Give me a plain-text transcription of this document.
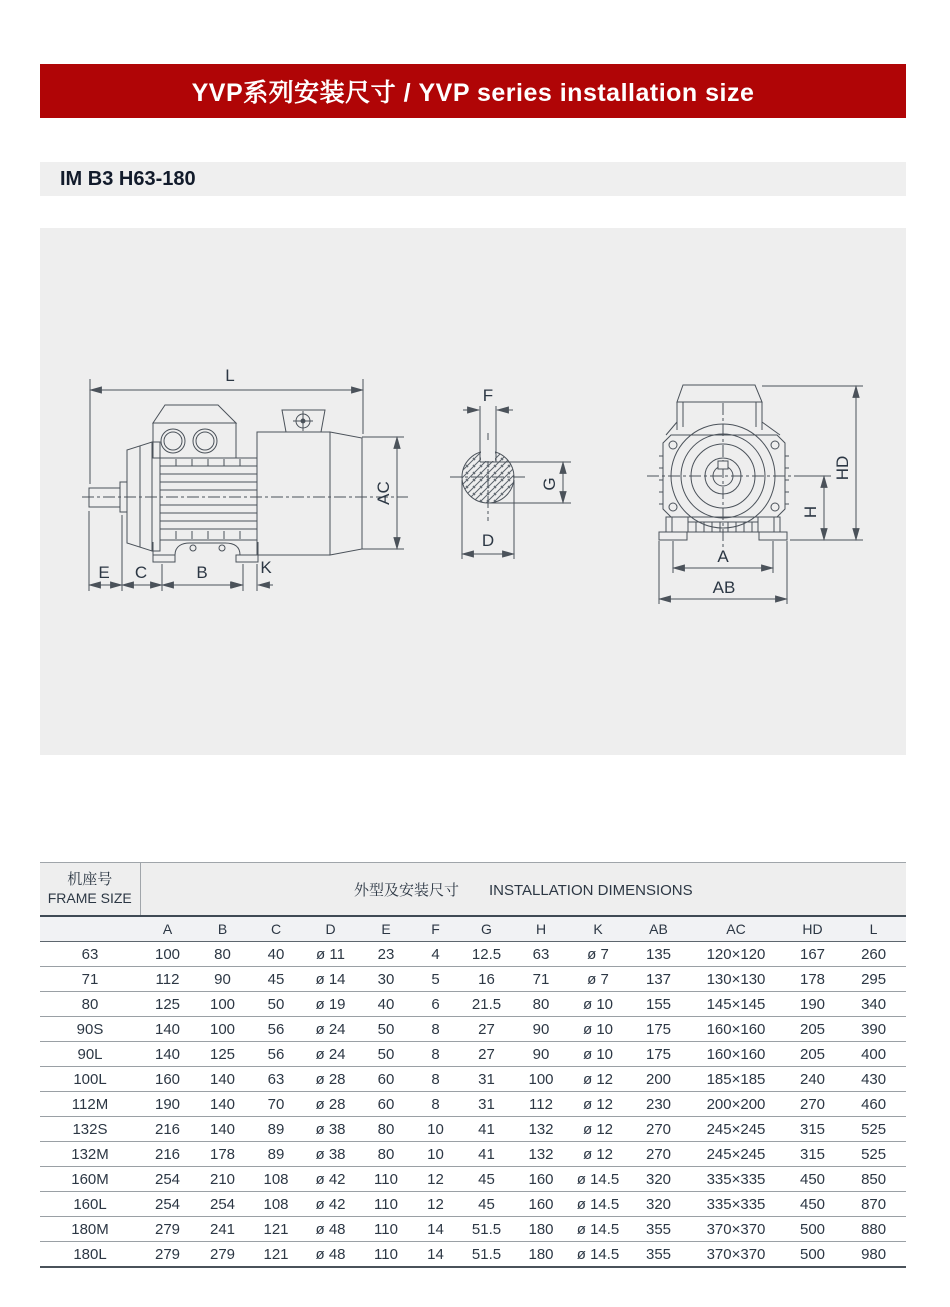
YVP系列安装尺寸 / YVP series installation size
IM B3 H63-180
L
AC
E C	B	K
F
G
D
HD
H
A
AB
机座号
FRAME SIZE	外型及安装尺寸 INSTALLATION DIMENSIONS												
	A	B	C	D	E	F	G	H	K	AB	AC	HD	L
63	100	80	40	ø 11	23	4	12.5	63	ø 7	135	120×120	167	260
71	112	90	45	ø 14	30	5	16	71	ø 7	137	130×130	178	295
80	125	100	50	ø 19	40	6	21.5	80	ø 10	155	145×145	190	340
90S	140	100	56	ø 24	50	8	27	90	ø 10	175	160×160	205	390
90L	140	125	56	ø 24	50	8	27	90	ø 10	175	160×160	205	400
100L	160	140	63	ø 28	60	8	31	100	ø 12	200	185×185	240	430
112M	190	140	70	ø 28	60	8	31	112	ø 12	230	200×200	270	460
132S	216	140	89	ø 38	80	10	41	132	ø 12	270	245×245	315	525
132M	216	178	89	ø 38	80	10	41	132	ø 12	270	245×245	315	525
160M	254	210	108	ø 42	110	12	45	160	ø 14.5	320	335×335	450	850
160L	254	254	108	ø 42	110	12	45	160	ø 14.5	320	335×335	450	870
180M	279	241	121	ø 48	110	14	51.5	180	ø 14.5	355	370×370	500	880
180L	279	279	121	ø 48	110	14	51.5	180	ø 14.5	355	370×370	500	980
